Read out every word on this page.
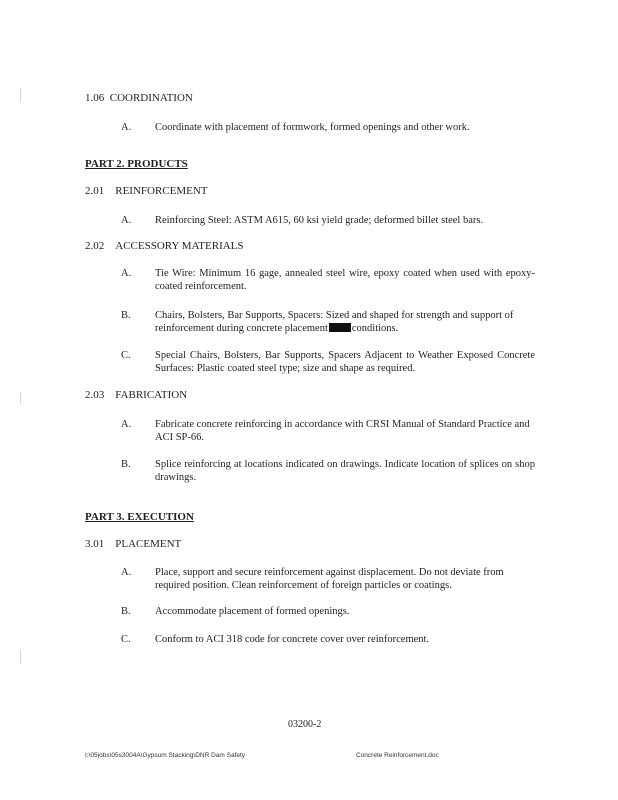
1.06 COORDINATION
A. Coordinate with placement of formwork, formed openings and other work.
PART 2. PRODUCTS
2.01 REINFORCEMENT
A. Reinforcing Steel: ASTM A615, 60 ksi yield grade; deformed billet steel bars.
2.02 ACCESSORY MATERIALS
A. Tie Wire: Minimum 16 gage, annealed steel wire, epoxy coated when used with epoxy-coated reinforcement.
B. Chairs, Bolsters, Bar Supports, Spacers: Sized and shaped for strength and support of reinforcement during concrete placement conditions.
C. Special Chairs, Bolsters, Bar Supports, Spacers Adjacent to Weather Exposed Concrete Surfaces: Plastic coated steel type; size and shape as required.
2.03 FABRICATION
A. Fabricate concrete reinforcing in accordance with CRSI Manual of Standard Practice and ACI SP-66.
B. Splice reinforcing at locations indicated on drawings. Indicate location of splices on shop drawings.
PART 3. EXECUTION
3.01 PLACEMENT
A. Place, support and secure reinforcement against displacement. Do not deviate from required position. Clean reinforcement of foreign particles or coatings.
B. Accommodate placement of formed openings.
C. Conform to ACI 318 code for concrete cover over reinforcement.
03200-2
I:\05jobs\05s3004A\Gypsum Stacking\DNR Dam Safety	Concrete Reinforcement.doc
